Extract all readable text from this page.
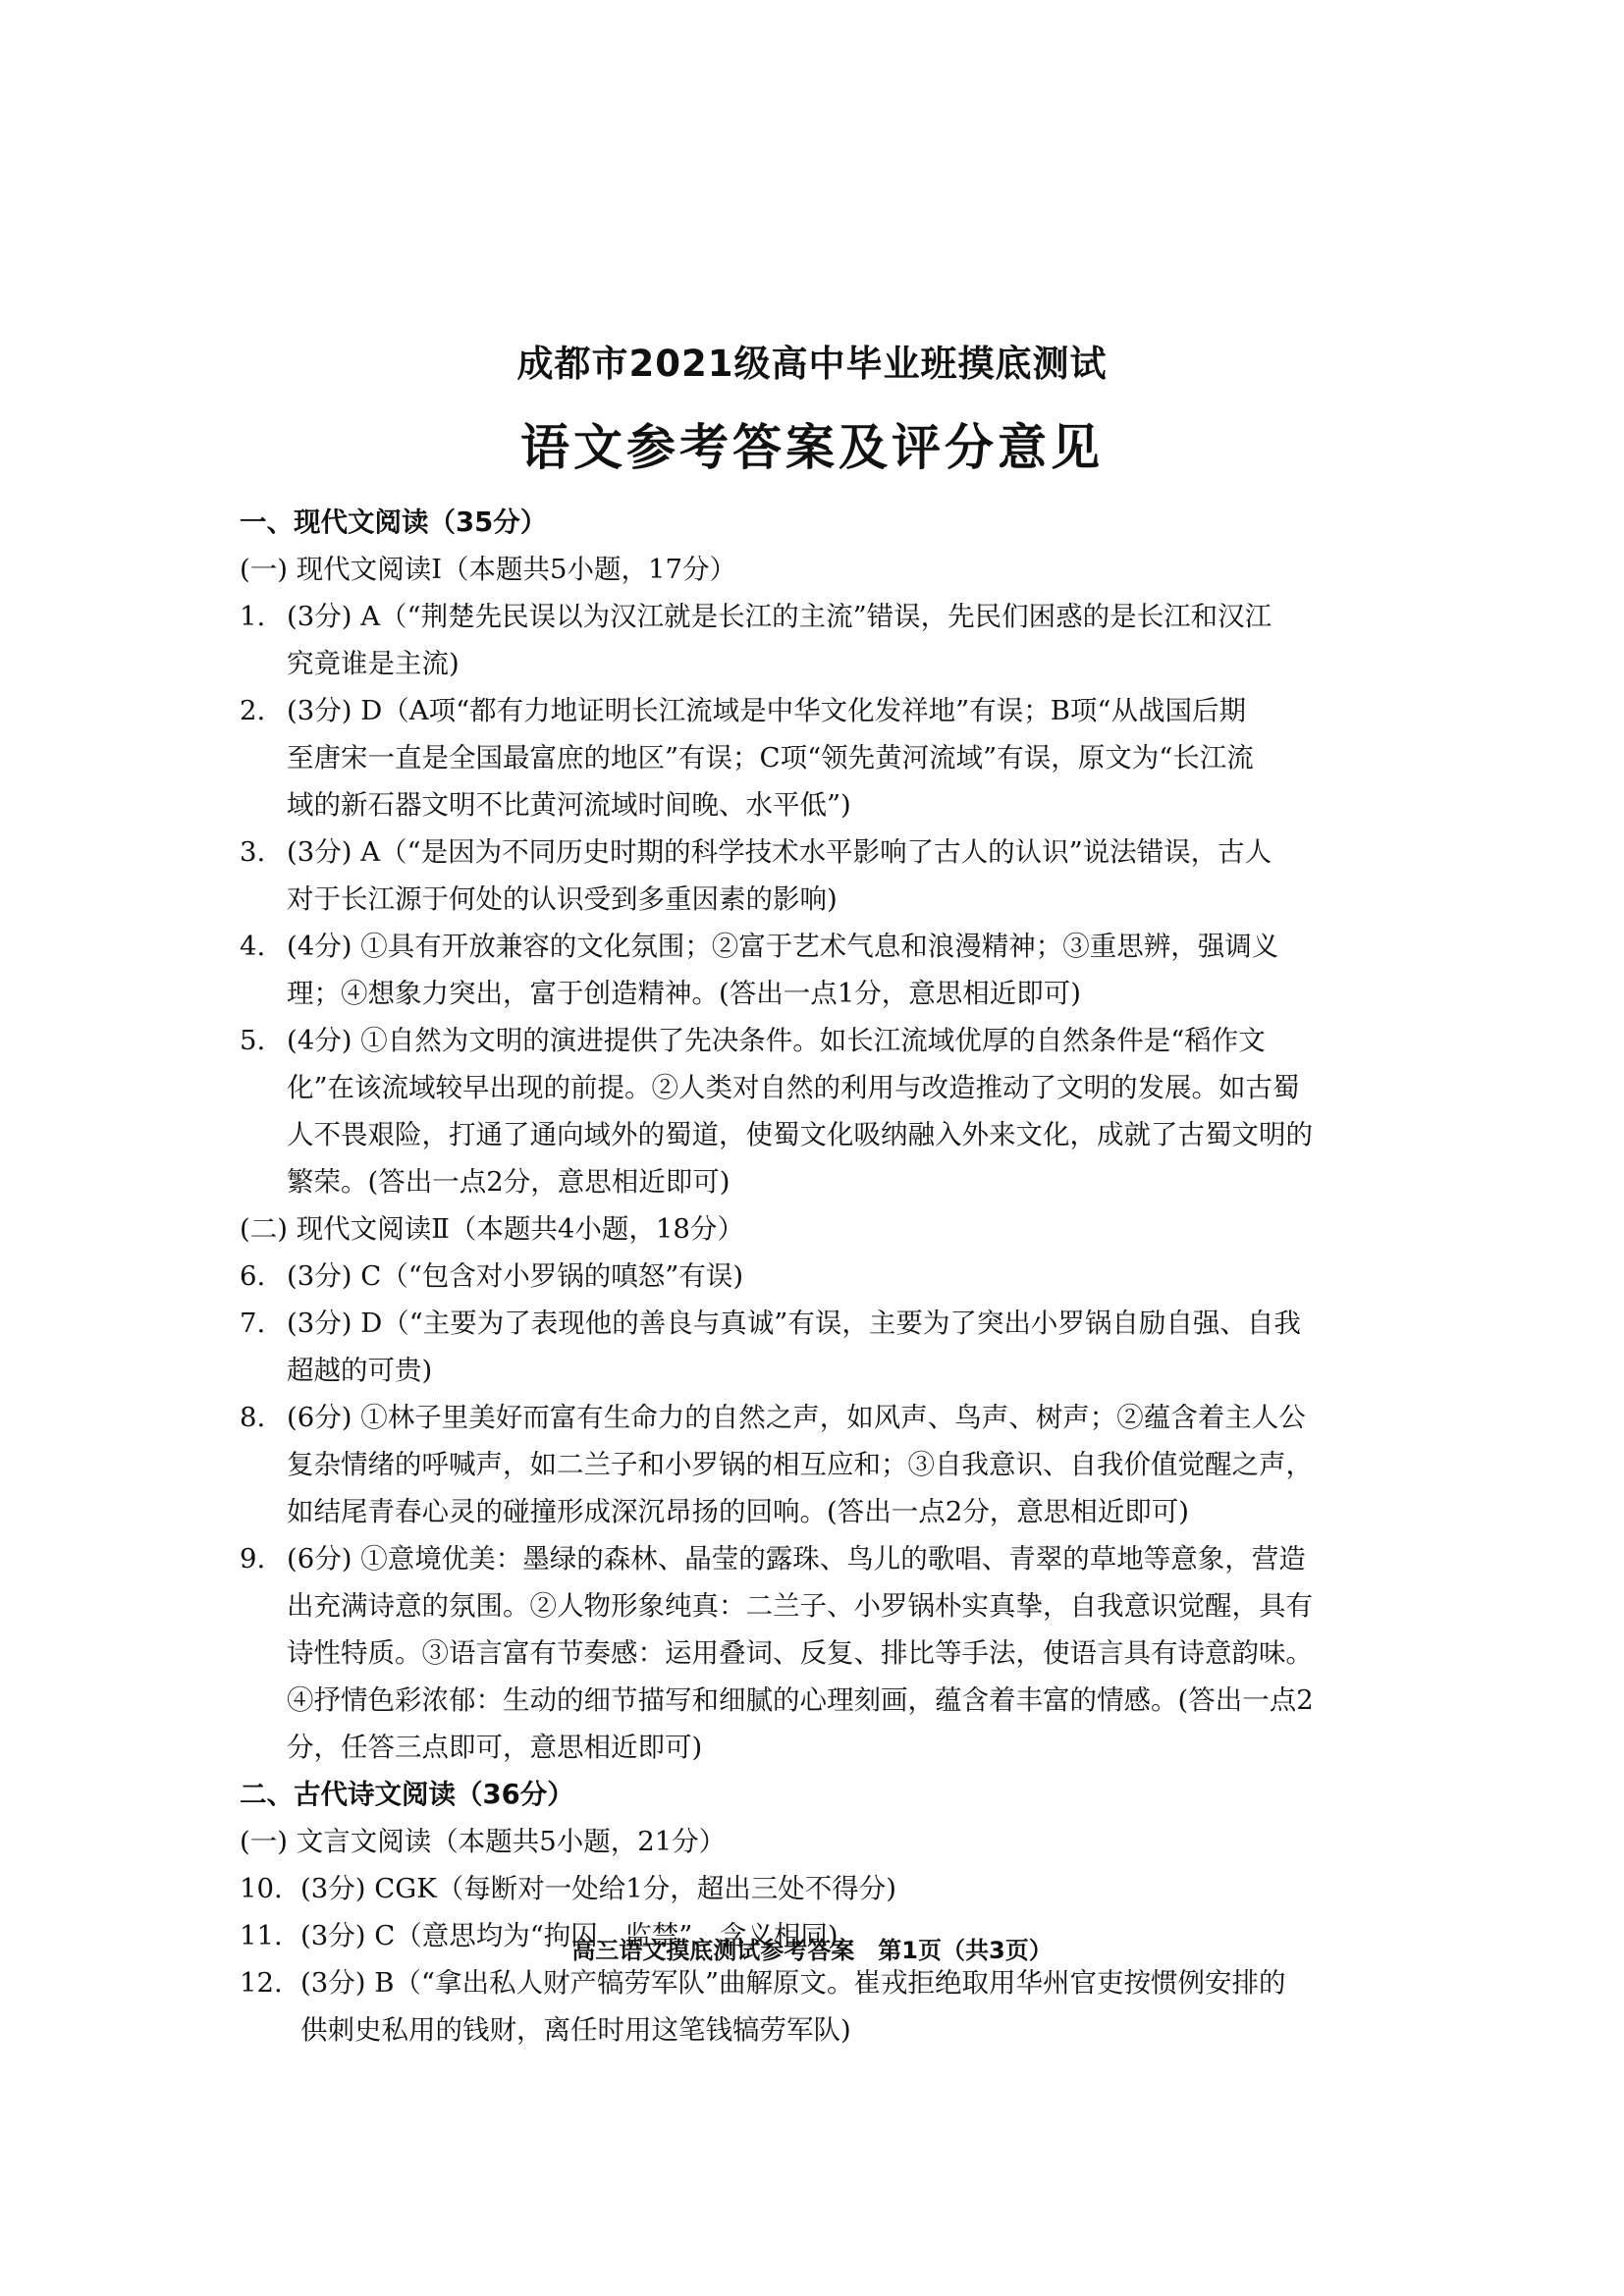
成都市2021级高中毕业班摸底测试
语文参考答案及评分意见
一、现代文阅读（35分）
(一) 现代文阅读Ⅰ（本题共5小题，17分）
1. (3分) A（“荆楚先民误以为汉江就是长江的主流”错误，先民们困惑的是长江和汉江
究竟谁是主流)
2. (3分) D（A项“都有力地证明长江流域是中华文化发祥地”有误；B项“从战国后期
至唐宋一直是全国最富庶的地区”有误；C项“领先黄河流域”有误，原文为“长江流
域的新石器文明不比黄河流域时间晚、水平低”)
3. (3分) A（“是因为不同历史时期的科学技术水平影响了古人的认识”说法错误，古人
对于长江源于何处的认识受到多重因素的影响)
4. (4分) ①具有开放兼容的文化氛围；②富于艺术气息和浪漫精神；③重思辨，强调义
理；④想象力突出，富于创造精神。(答出一点1分，意思相近即可)
5. (4分) ①自然为文明的演进提供了先决条件。如长江流域优厚的自然条件是“稻作文
化”在该流域较早出现的前提。②人类对自然的利用与改造推动了文明的发展。如古蜀
人不畏艰险，打通了通向域外的蜀道，使蜀文化吸纳融入外来文化，成就了古蜀文明的
繁荣。(答出一点2分，意思相近即可)
(二) 现代文阅读Ⅱ（本题共4小题，18分）
6. (3分) C（“包含对小罗锅的嗔怒”有误)
7. (3分) D（“主要为了表现他的善良与真诚”有误，主要为了突出小罗锅自励自强、自我
超越的可贵)
8. (6分) ①林子里美好而富有生命力的自然之声，如风声、鸟声、树声；②蕴含着主人公
复杂情绪的呼喊声，如二兰子和小罗锅的相互应和；③自我意识、自我价值觉醒之声，
如结尾青春心灵的碰撞形成深沉昂扬的回响。(答出一点2分，意思相近即可)
9. (6分) ①意境优美：墨绿的森林、晶莹的露珠、鸟儿的歌唱、青翠的草地等意象，营造
出充满诗意的氛围。②人物形象纯真：二兰子、小罗锅朴实真挚，自我意识觉醒，具有
诗性特质。③语言富有节奏感：运用叠词、反复、排比等手法，使语言具有诗意韵味。
④抒情色彩浓郁：生动的细节描写和细腻的心理刻画，蕴含着丰富的情感。(答出一点2
分，任答三点即可，意思相近即可)
二、古代诗文阅读（36分）
(一) 文言文阅读（本题共5小题，21分）
10. (3分) CGK（每断对一处给1分，超出三处不得分)
11. (3分) C（意思均为“拘囚、监禁”，含义相同)
12. (3分) B（“拿出私人财产犒劳军队”曲解原文。崔戎拒绝取用华州官吏按惯例安排的
供刺史私用的钱财，离任时用这笔钱犒劳军队)
高三语文摸底测试参考答案　第1页（共3页）
